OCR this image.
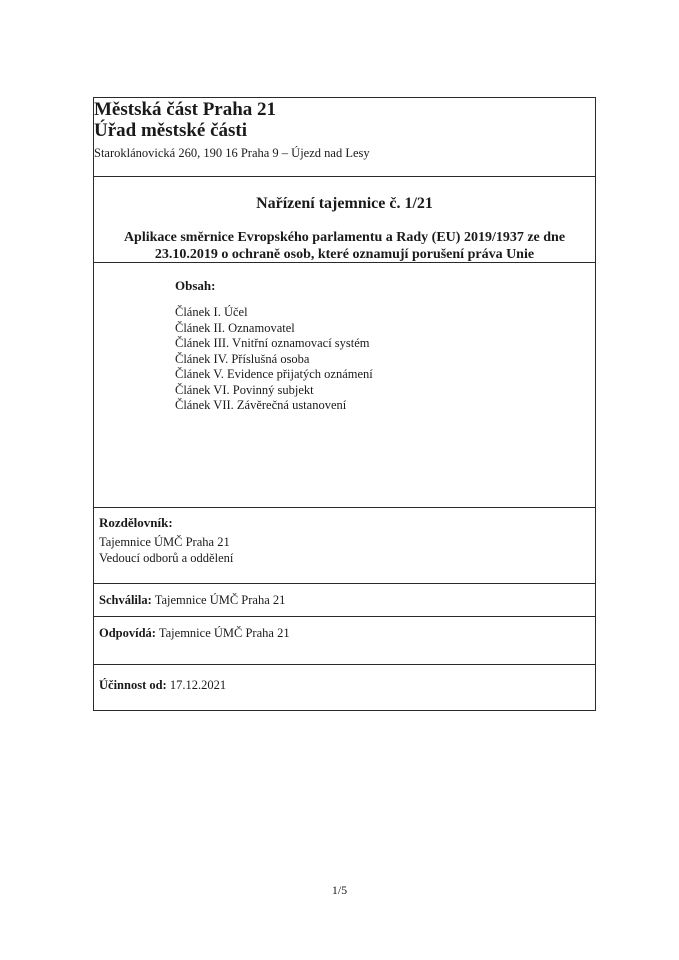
Městská část Praha 21
Úřad městské části
Staroklánovická 260, 190 16 Praha 9 – Újezd nad Lesy
Nařízení tajemnice č. 1/21
Aplikace směrnice Evropského parlamentu a Rady (EU) 2019/1937 ze dne
23.10.2019 o ochraně osob, které oznamují porušení práva Unie
Obsah:
Článek I. Účel
Článek II. Oznamovatel
Článek III. Vnitřní oznamovací systém
Článek IV. Příslušná osoba
Článek V. Evidence přijatých oznámení
Článek VI. Povinný subjekt
Článek VII. Závěrečná ustanovení
Rozdělovník:
Tajemnice ÚMČ Praha 21
Vedoucí odborů a oddělení
Schválila: Tajemnice ÚMČ Praha 21
Odpovídá: Tajemnice ÚMČ Praha 21
Účinnost od: 17.12.2021
1/5
